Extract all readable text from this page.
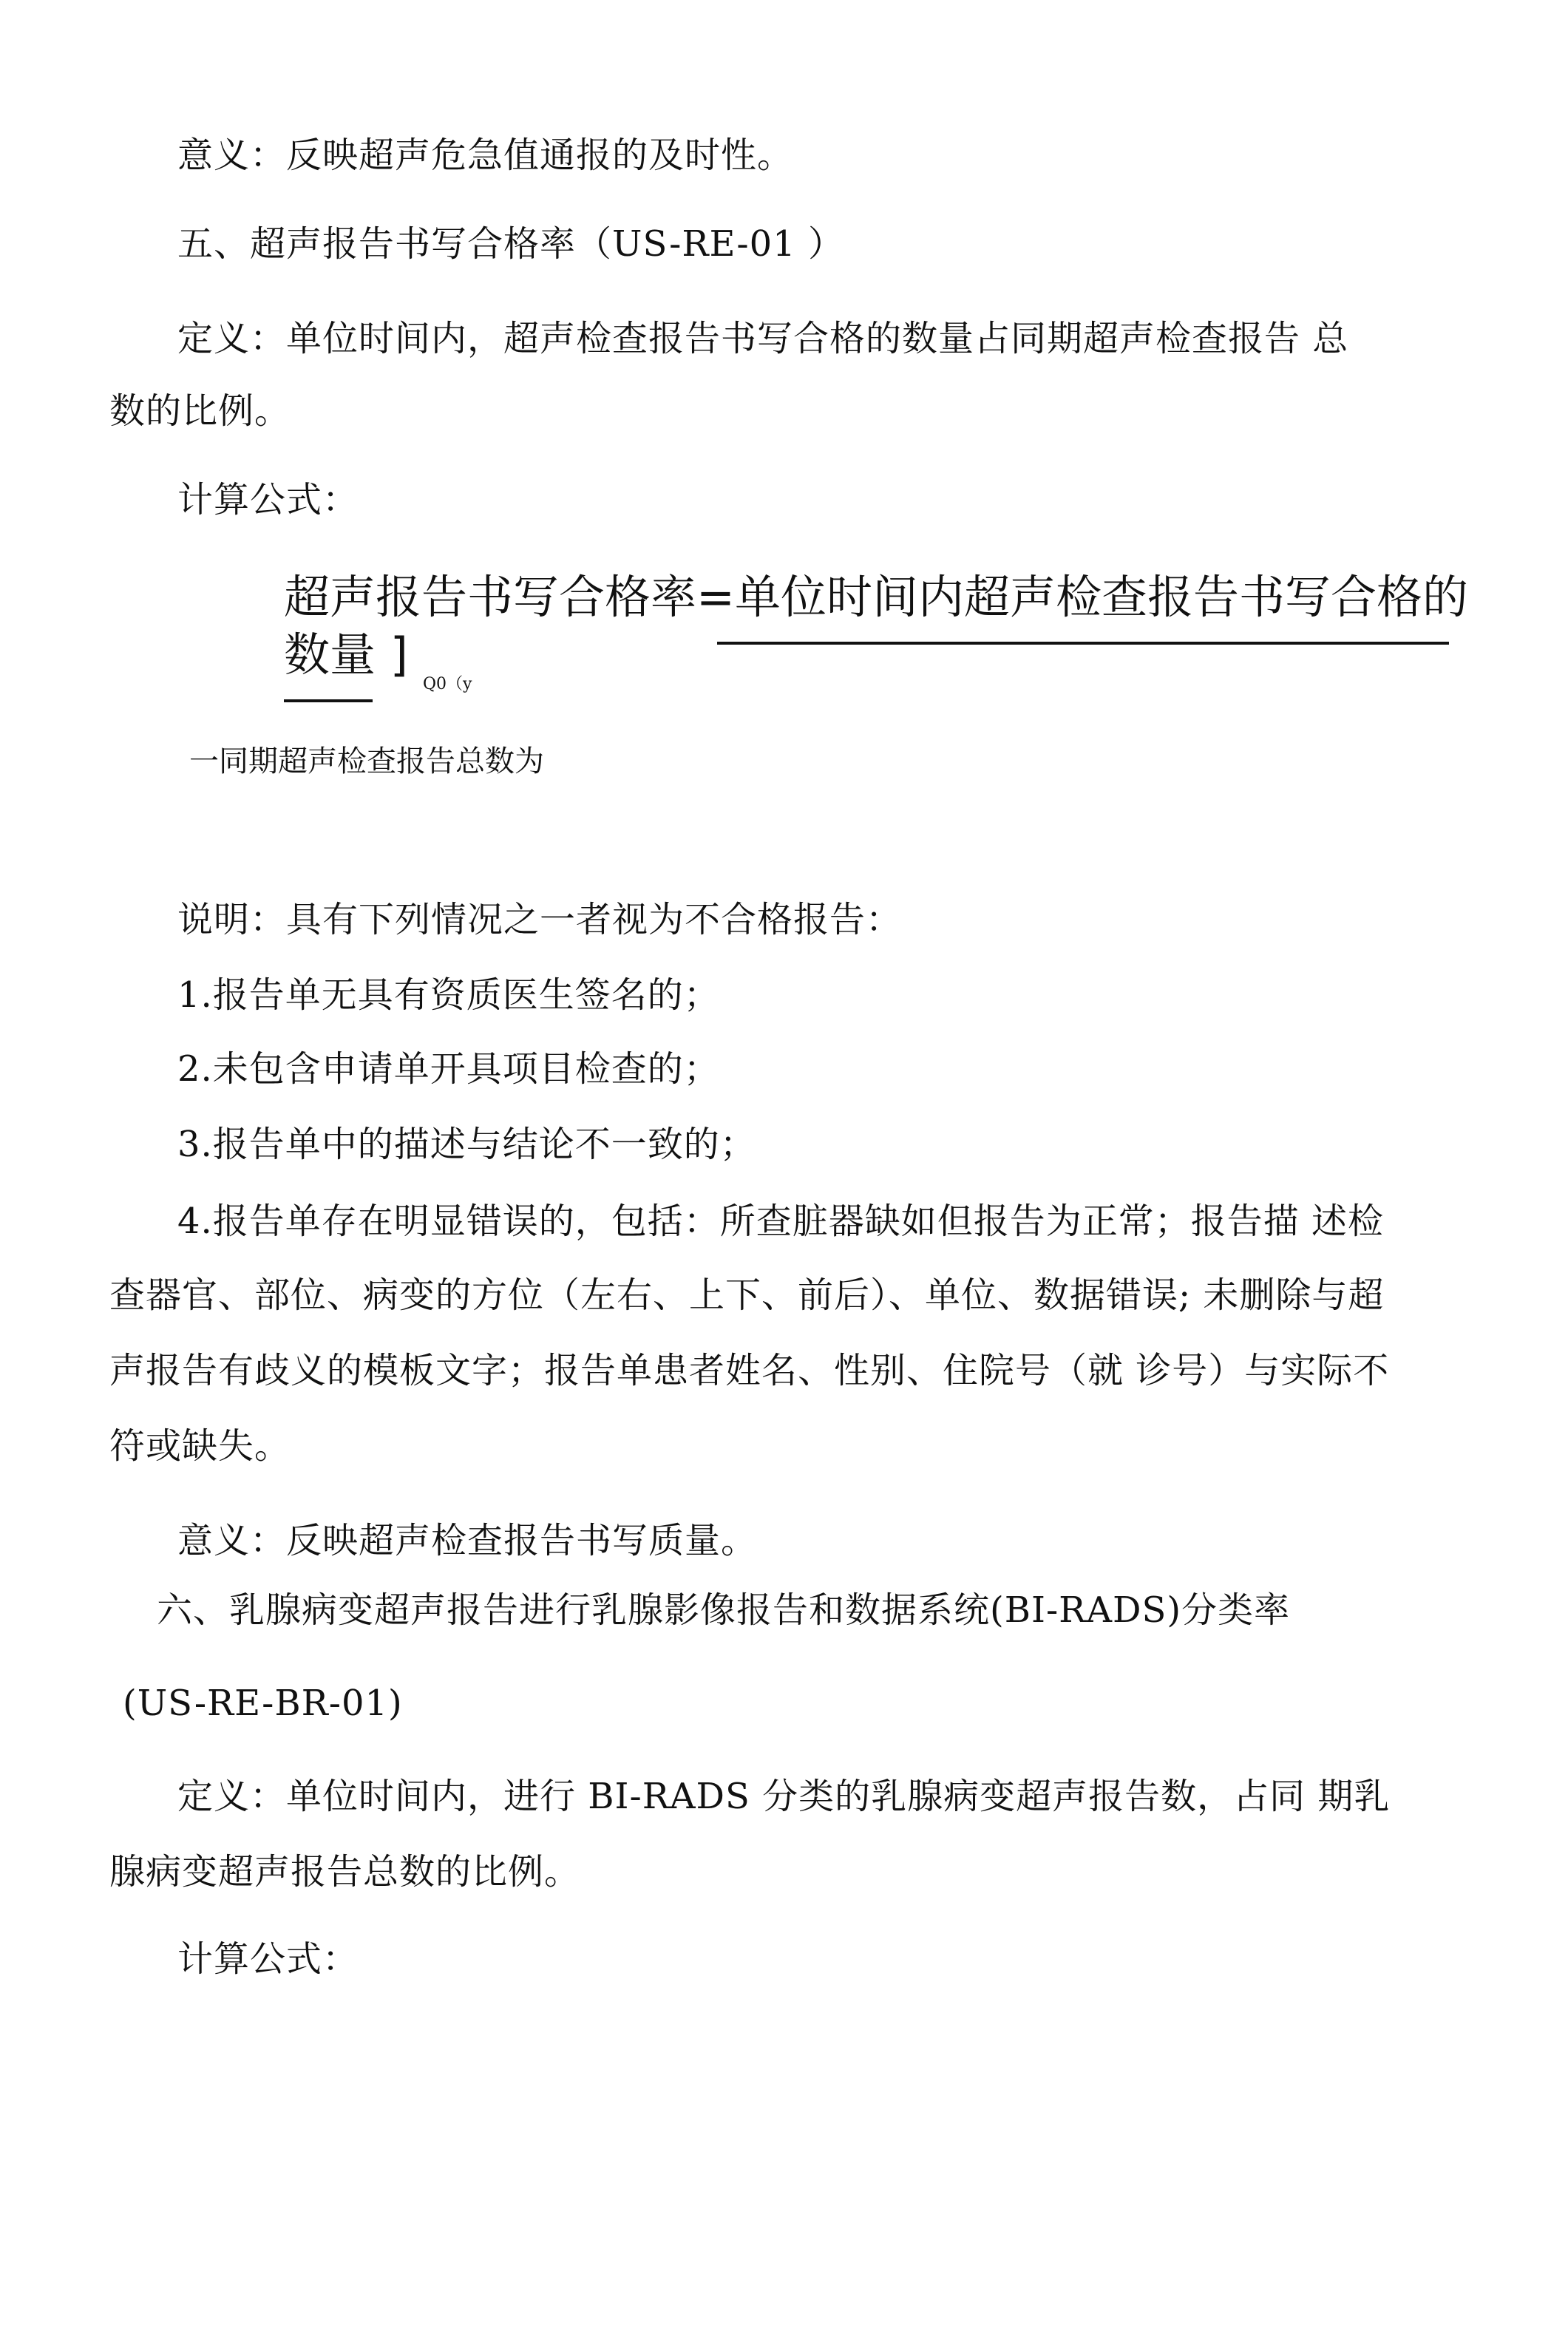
意义：反映超声危急值通报的及时性。
五、超声报告书写合格率（US-RE-01 ）
定义：单位时间内，超声检查报告书写合格的数量占同期超声检查报告 总
数的比例。
计算公式：
超声报告书写合格率=单位时间内超声检查报告书写合格的
数量 ]
Q0（y
一同期超声检查报告总数为
说明：具有下列情况之一者视为不合格报告：
1.报告单无具有资质医生签名的；
2.未包含申请单开具项目检查的；
3.报告单中的描述与结论不一致的；
4.报告单存在明显错误的，包括：所查脏器缺如但报告为正常；报告描 述检
查器官、部位、病变的方位（左右、上下、前后）、单位、数据错误; 未删除与超
声报告有歧义的模板文字；报告单患者姓名、性别、住院号（就 诊号）与实际不
符或缺失。
意义：反映超声检查报告书写质量。
六、乳腺病变超声报告进行乳腺影像报告和数据系统(BI-RADS)分类率
(US-RE-BR-01)
定义：单位时间内，进行 BI-RADS 分类的乳腺病变超声报告数，占同 期乳
腺病变超声报告总数的比例。
计算公式：
